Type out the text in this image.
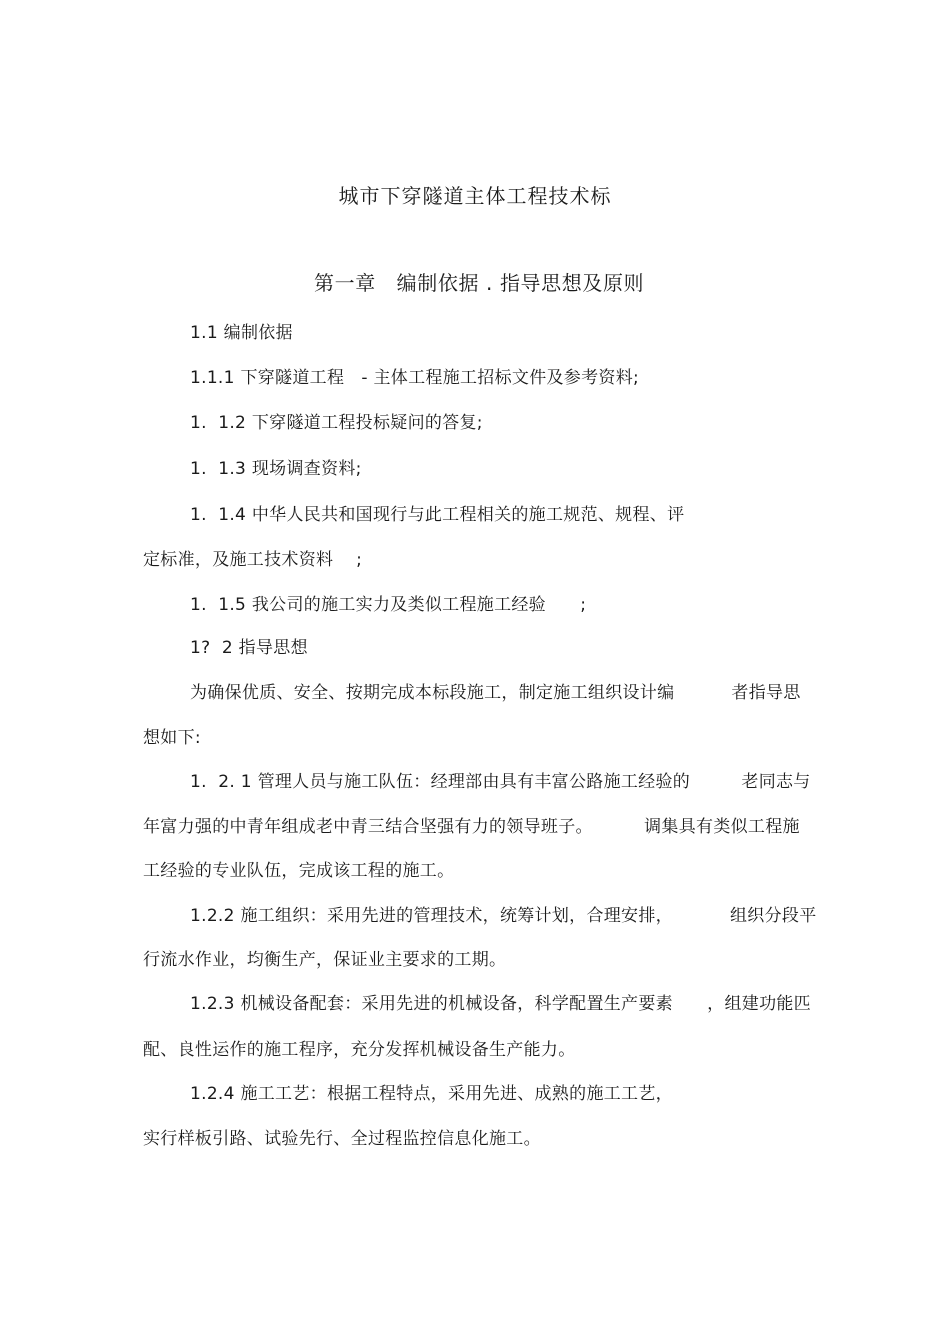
城市下穿隧道主体工程技术标
第一章   编制依据 . 指导思想及原则
1.1 编制依据
1.1.1 下穿隧道工程   - 主体工程施工招标文件及参考资料;
1.  1.2 下穿隧道工程投标疑问的答复;
1.  1.3 现场调查资料;
1.  1.4 中华人民共和国现行与此工程相关的施工规范、规程、评
定标准，及施工技术资料    ;
1.  1.5 我公司的施工实力及类似工程施工经验      ;
1?  2 指导思想
为确保优质、安全、按期完成本标段施工，制定施工组织设计编          者指导思
想如下:
1.  2. 1 管理人员与施工队伍：经理部由具有丰富公路施工经验的         老同志与
年富力强的中青年组成老中青三结合坚强有力的领导班子。         调集具有类似工程施
工经验的专业队伍，完成该工程的施工。
1.2.2 施工组织：采用先进的管理技术，统筹计划，合理安排，          组织分段平
行流水作业，均衡生产，保证业主要求的工期。
1.2.3 机械设备配套：采用先进的机械设备，科学配置生产要素      ，组建功能匹
配、良性运作的施工程序，充分发挥机械设备生产能力。
1.2.4 施工工艺：根据工程特点，采用先进、成熟的施工工艺，
实行样板引路、试验先行、全过程监控信息化施工。
